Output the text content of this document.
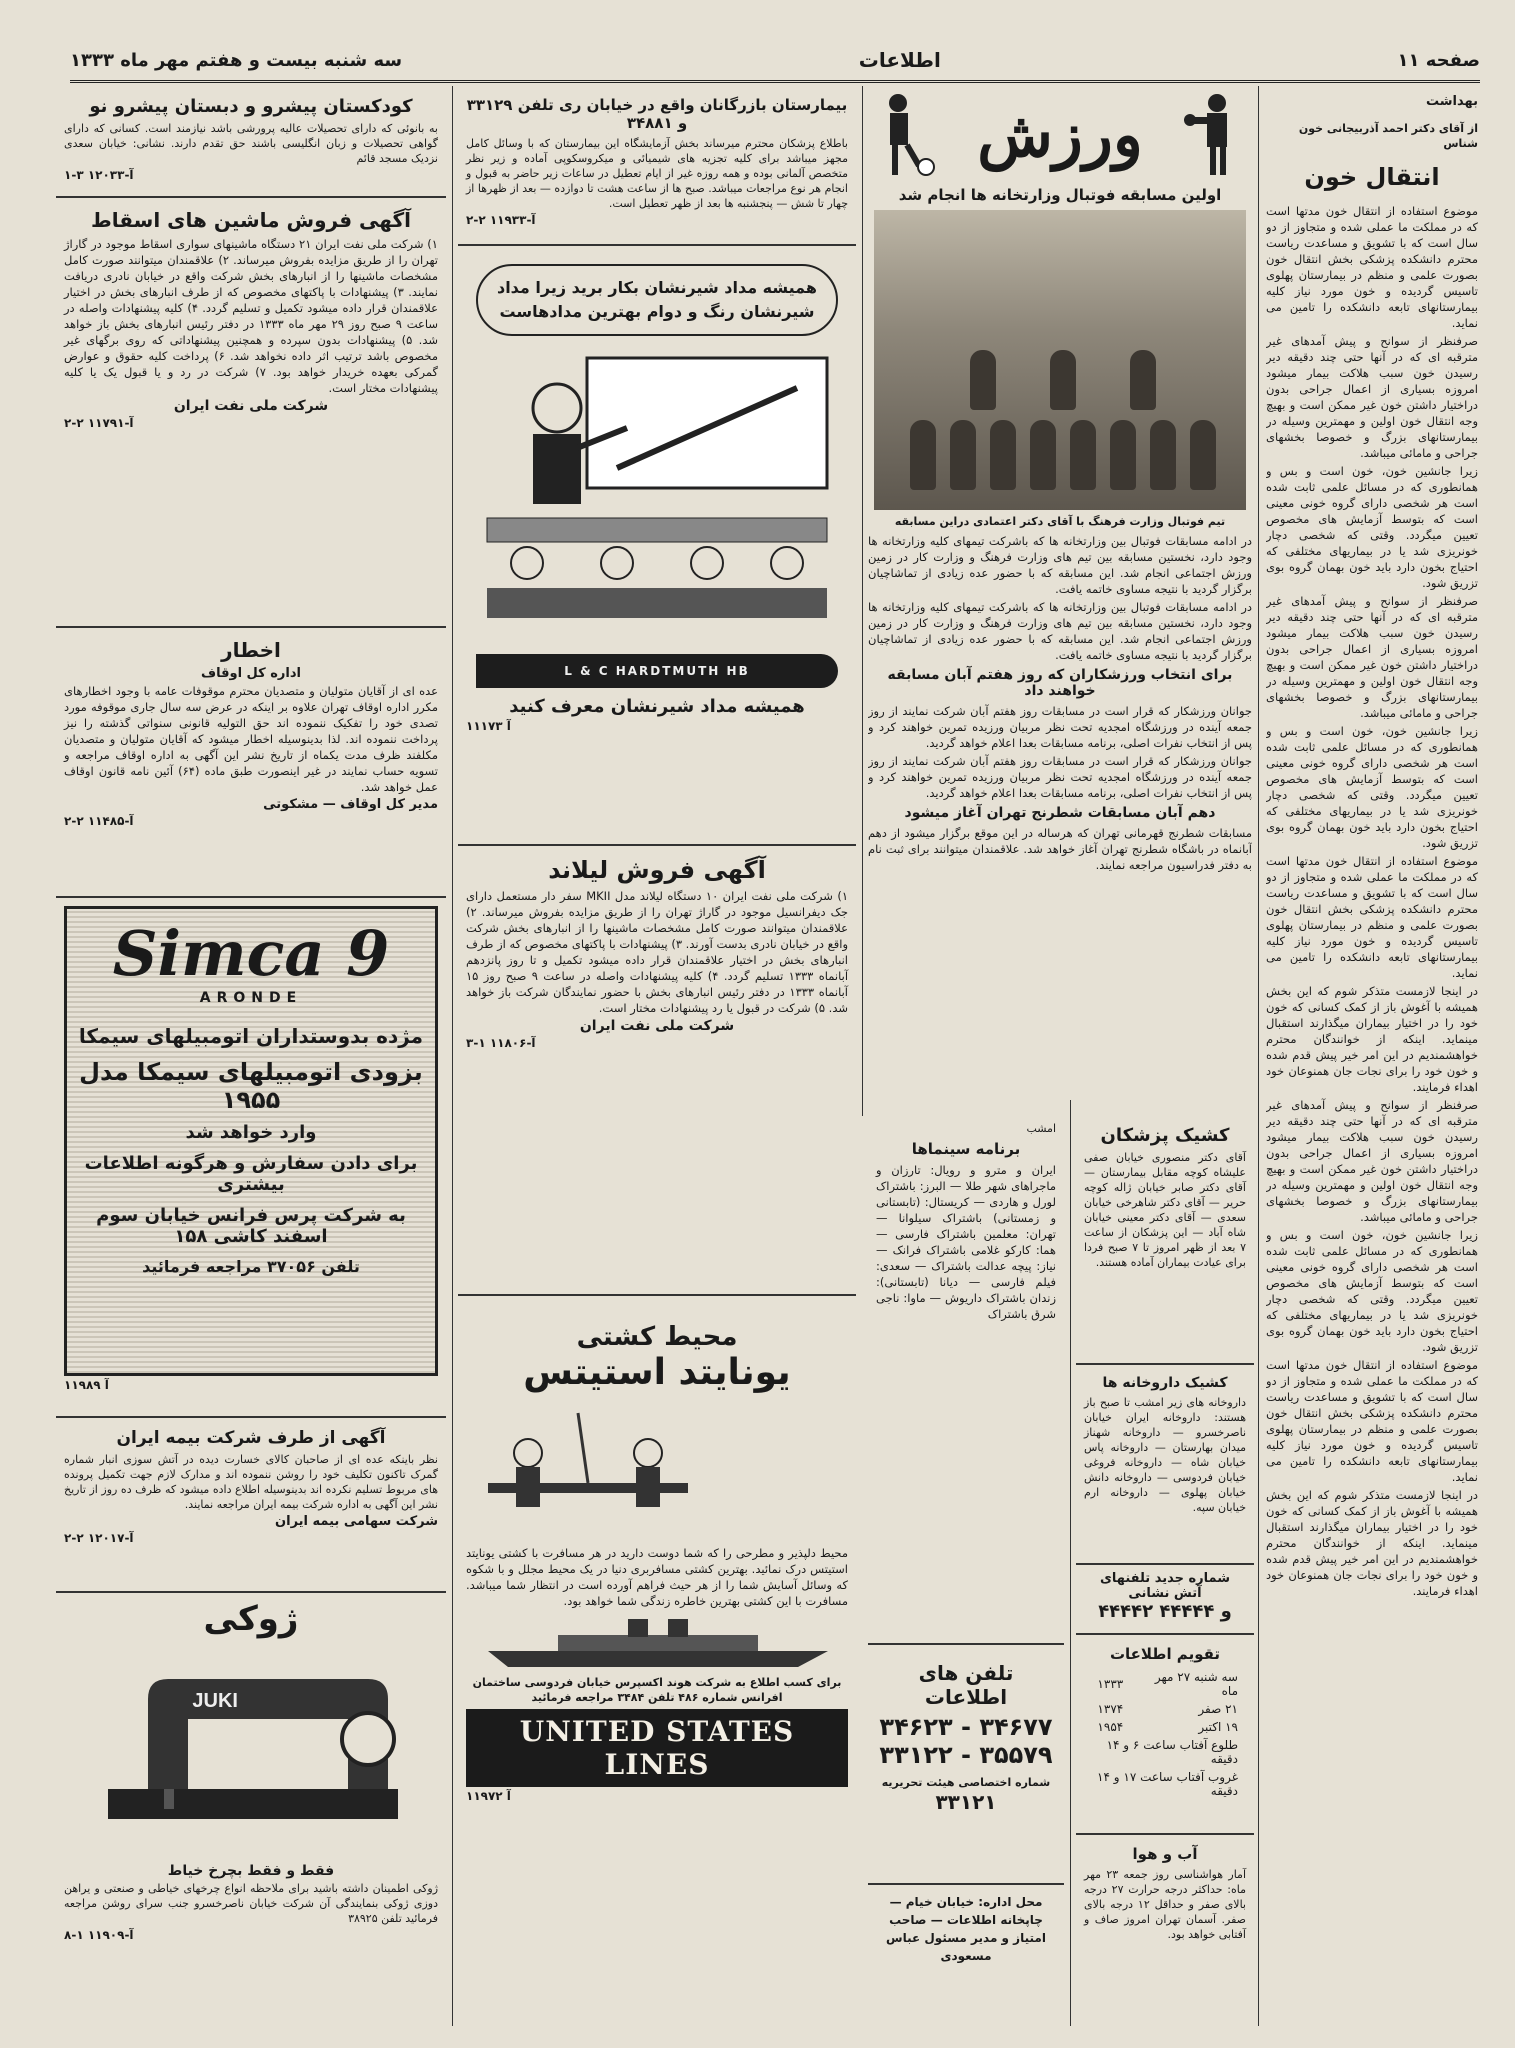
صفحه ۱۱
اطلاعات
سه شنبه بیست و هفتم مهر ماه ۱۳۳۳
بهداشت
از آقای دکتر احمد آذربیجانی خون شناس
انتقال خون

موضوع استفاده از انتقال خون مدتها است که در مملکت ما عملی شده و متجاوز از دو سال است که با تشویق و مساعدت ریاست محترم دانشکده پزشکی بخش انتقال خون بصورت علمی و منظم در بیمارستان پهلوی تاسیس گردیده و خون مورد نیاز کلیه بیمارستانهای تابعه دانشکده را تامین می نماید.

صرفنظر از سوانح و پیش آمدهای غیر مترقبه ای که در آنها حتی چند دقیقه دیر رسیدن خون سبب هلاکت بیمار میشود امروزه بسیاری از اعمال جراحی بدون دراختیار داشتن خون غیر ممکن است و بهیچ وجه انتقال خون اولین و مهمترین وسیله در بیمارستانهای بزرگ و خصوصا بخشهای جراحی و مامائی میباشد.

زیرا جانشین خون، خون است و بس و همانطوری که در مسائل علمی ثابت شده است هر شخصی دارای گروه خونی معینی است که بتوسط آزمایش های مخصوص تعیین میگردد. وقتی که شخصی دچار خونریزی شد یا در بیماریهای مختلفی که احتیاج بخون دارد باید خون بهمان گروه بوی تزریق شود.

صرفنظر از سوانح و پیش آمدهای غیر مترقبه ای که در آنها حتی چند دقیقه دیر رسیدن خون سبب هلاکت بیمار میشود امروزه بسیاری از اعمال جراحی بدون دراختیار داشتن خون غیر ممکن است و بهیچ وجه انتقال خون اولین و مهمترین وسیله در بیمارستانهای بزرگ و خصوصا بخشهای جراحی و مامائی میباشد.

زیرا جانشین خون، خون است و بس و همانطوری که در مسائل علمی ثابت شده است هر شخصی دارای گروه خونی معینی است که بتوسط آزمایش های مخصوص تعیین میگردد. وقتی که شخصی دچار خونریزی شد یا در بیماریهای مختلفی که احتیاج بخون دارد باید خون بهمان گروه بوی تزریق شود.

موضوع استفاده از انتقال خون مدتها است که در مملکت ما عملی شده و متجاوز از دو سال است که با تشویق و مساعدت ریاست محترم دانشکده پزشکی بخش انتقال خون بصورت علمی و منظم در بیمارستان پهلوی تاسیس گردیده و خون مورد نیاز کلیه بیمارستانهای تابعه دانشکده را تامین می نماید.

در اینجا لازمست متذکر شوم که این بخش همیشه با آغوش باز از کمک کسانی که خون خود را در اختیار بیماران میگذارند استقبال مینماید. اینکه از خوانندگان محترم خواهشمندیم در این امر خیر پیش قدم شده و خون خود را برای نجات جان همنوعان خود اهداء فرمایند.

صرفنظر از سوانح و پیش آمدهای غیر مترقبه ای که در آنها حتی چند دقیقه دیر رسیدن خون سبب هلاکت بیمار میشود امروزه بسیاری از اعمال جراحی بدون دراختیار داشتن خون غیر ممکن است و بهیچ وجه انتقال خون اولین و مهمترین وسیله در بیمارستانهای بزرگ و خصوصا بخشهای جراحی و مامائی میباشد.

زیرا جانشین خون، خون است و بس و همانطوری که در مسائل علمی ثابت شده است هر شخصی دارای گروه خونی معینی است که بتوسط آزمایش های مخصوص تعیین میگردد. وقتی که شخصی دچار خونریزی شد یا در بیماریهای مختلفی که احتیاج بخون دارد باید خون بهمان گروه بوی تزریق شود.

موضوع استفاده از انتقال خون مدتها است که در مملکت ما عملی شده و متجاوز از دو سال است که با تشویق و مساعدت ریاست محترم دانشکده پزشکی بخش انتقال خون بصورت علمی و منظم در بیمارستان پهلوی تاسیس گردیده و خون مورد نیاز کلیه بیمارستانهای تابعه دانشکده را تامین می نماید.

در اینجا لازمست متذکر شوم که این بخش همیشه با آغوش باز از کمک کسانی که خون خود را در اختیار بیماران میگذارند استقبال مینماید. اینکه از خوانندگان محترم خواهشمندیم در این امر خیر پیش قدم شده و خون خود را برای نجات جان همنوعان خود اهداء فرمایند.

ورزش
اولین مسابقه فوتبال وزارتخانه ها انجام شد
تیم فوتبال وزارت فرهنگ با آقای دکتر اعتمادی دراین مسابقه

در ادامه مسابقات فوتبال بین وزارتخانه ها که باشرکت تیمهای کلیه وزارتخانه ها وجود دارد، نخستین مسابقه بین تیم های وزارت فرهنگ و وزارت کار در زمین ورزش اجتماعی انجام شد. این مسابقه که با حضور عده زیادی از تماشاچیان برگزار گردید با نتیجه مساوی خاتمه یافت.

در ادامه مسابقات فوتبال بین وزارتخانه ها که باشرکت تیمهای کلیه وزارتخانه ها وجود دارد، نخستین مسابقه بین تیم های وزارت فرهنگ و وزارت کار در زمین ورزش اجتماعی انجام شد. این مسابقه که با حضور عده زیادی از تماشاچیان برگزار گردید با نتیجه مساوی خاتمه یافت.

برای انتخاب ورزشکاران که روز هفتم آبان مسابقه خواهند داد

جوانان ورزشکار که قرار است در مسابقات روز هفتم آبان شرکت نمایند از روز جمعه آینده در ورزشگاه امجدیه تحت نظر مربیان ورزیده تمرین خواهند کرد و پس از انتخاب نفرات اصلی، برنامه مسابقات بعدا اعلام خواهد گردید.

جوانان ورزشکار که قرار است در مسابقات روز هفتم آبان شرکت نمایند از روز جمعه آینده در ورزشگاه امجدیه تحت نظر مربیان ورزیده تمرین خواهند کرد و پس از انتخاب نفرات اصلی، برنامه مسابقات بعدا اعلام خواهد گردید.

دهم آبان مسابقات شطرنج تهران آغاز میشود

مسابقات شطرنج قهرمانی تهران که هرساله در این موقع برگزار میشود از دهم آبانماه در باشگاه شطرنج تهران آغاز خواهد شد. علاقمندان میتوانند برای ثبت نام به دفتر فدراسیون مراجعه نمایند.

کشیک پزشکان

آقای دکتر منصوری خیابان صفی علیشاه کوچه مقابل بیمارستان — آقای دکتر صابر خیابان ژاله کوچه حریر — آقای دکتر شاهرخی خیابان سعدی — آقای دکتر معینی خیابان شاه آباد — این پزشکان از ساعت ۷ بعد از ظهر امروز تا ۷ صبح فردا برای عیادت بیماران آماده هستند.

کشیک داروخانه ها

داروخانه های زیر امشب تا صبح باز هستند: داروخانه ایران خیابان ناصرخسرو — داروخانه شهناز میدان بهارستان — داروخانه پاس خیابان شاه — داروخانه فروغی خیابان فردوسی — داروخانه دانش خیابان پهلوی — داروخانه ارم خیابان سپه.

شماره جدید تلفنهای آتش نشانی
۴۴۴۴۲ و ۴۴۴۴۴
تقویم اطلاعات
سه شنبه ۲۷ مهر ماه	۱۳۳۳
۲۱ صفر	۱۳۷۴
۱۹ اکتبر	۱۹۵۴
طلوع آفتاب ساعت ۶ و ۱۴ دقیقه	
غروب آفتاب ساعت ۱۷ و ۱۴ دقیقه	
آب و هوا

آمار هواشناسی روز جمعه ۲۳ مهر ماه: حداکثر درجه حرارت ۲۷ درجه بالای صفر و حداقل ۱۲ درجه بالای صفر. آسمان تهران امروز صاف و آفتابی خواهد بود.

امشب
برنامه سینماها

ایران و مترو و رویال: تارزان و ماجراهای شهر طلا — البرز: باشتراک لورل و هاردی — کریستال: (تابستانی و زمستانی) باشتراک سیلوانا — تهران: معلمین باشتراک فارسی — هما: کارکو غلامی باشتراک فرانک — نیاز: پیچه عدالت باشتراک — سعدی: فیلم فارسی — دیانا (تابستانی): زندان باشتراک داریوش — ماوا: ناجی شرق باشتراک

تلفن های اطلاعات
۳۴۶۲۳ - ۳۴۶۷۷
۳۳۱۲۲ - ۳۵۵۷۹
شماره اختصاصی هیئت تحریریه
۳۳۱۲۱
محل اداره: خیابان خیام — چاپخانه اطلاعات — صاحب امتیاز و مدیر مسئول عباس مسعودی
بیمارستان بازرگانان واقع در خیابان ری تلفن ۳۳۱۲۹ و ۳۴۸۸۱

باطلاع پزشکان محترم میرساند بخش آزمایشگاه این بیمارستان که با وسائل کامل مجهز میباشد برای کلیه تجزیه های شیمیائی و میکروسکوپی آماده و زیر نظر متخصص آلمانی بوده و همه روزه غیر از ایام تعطیل در ساعات زیر حاضر به قبول و انجام هر نوع مراجعات میباشد. صبح ها از ساعت هشت تا دوازده — بعد از ظهرها از چهار تا شش — پنجشنبه ها بعد از ظهر تعطیل است.

آ-۱۱۹۳۳ ۲-۲
همیشه مداد شیرنشان بکار برید زیرا مداد شیرنشان رنگ و دوام بهترین مدادهاست
L & C HARDTMUTH HB
همیشه مداد شیرنشان معرف کنید
آ ۱۱۱۷۳
آگهی فروش لیلاند

۱) شرکت ملی نفت ایران ۱۰ دستگاه لیلاند مدل MKII سفر دار مستعمل دارای جک دیفرانسیل موجود در گاراژ تهران را از طریق مزایده بفروش میرساند. ۲) علاقمندان میتوانند صورت کامل مشخصات ماشینها را از انبارهای بخش شرکت واقع در خیابان نادری بدست آورند. ۳) پیشنهادات با پاکتهای مخصوص که از طرف انبارهای بخش در اختیار علاقمندان قرار داده میشود تکمیل و تا روز پانزدهم آبانماه ۱۳۳۳ تسلیم گردد. ۴) کلیه پیشنهادات واصله در ساعت ۹ صبح روز ۱۵ آبانماه ۱۳۳۳ در دفتر رئیس انبارهای بخش با حضور نمایندگان شرکت باز خواهد شد. ۵) شرکت در قبول یا رد پیشنهادات مختار است.

شرکت ملی نفت ایران
آ-۱۱۸۰۶ ۱-۳
محیط کشتی
یونایتد استیتس

محیط دلپذیر و مطرحی را که شما دوست دارید در هر مسافرت با کشتی یونایتد استیتس درک نمائید. بهترین کشتی مسافربری دنیا در یک محیط مجلل و با شکوه که وسائل آسایش شما را از هر حیث فراهم آورده است در انتظار شما میباشد. مسافرت با این کشتی بهترین خاطره زندگی شما خواهد بود.

برای کسب اطلاع به شرکت هوند اکسپرس خیابان فردوسی ساختمان افرانس شماره ۴۸۶ تلفن ۳۴۸۴ مراجعه فرمائید
UNITED STATES LINES
آ ۱۱۹۷۲
کودکستان پیشرو و دبستان پیشرو نو

به بانوئی که دارای تحصیلات عالیه پرورشی باشد نیازمند است. کسانی که دارای گواهی تحصیلات و زبان انگلیسی باشند حق تقدم دارند. نشانی: خیابان سعدی نزدیک مسجد قائم

آ-۱۲۰۳۳ ۳-۱
آگهی فروش ماشین های اسقاط

۱) شرکت ملی نفت ایران ۲۱ دستگاه ماشینهای سواری اسقاط موجود در گاراژ تهران را از طریق مزایده بفروش میرساند. ۲) علاقمندان میتوانند صورت کامل مشخصات ماشینها را از انبارهای بخش شرکت واقع در خیابان نادری دریافت نمایند. ۳) پیشنهادات با پاکتهای مخصوص که از طرف انبارهای بخش در اختیار علاقمندان قرار داده میشود تکمیل و تسلیم گردد. ۴) کلیه پیشنهادات واصله در ساعت ۹ صبح روز ۲۹ مهر ماه ۱۳۳۳ در دفتر رئیس انبارهای بخش باز خواهد شد. ۵) پیشنهادات بدون سپرده و همچنین پیشنهاداتی که روی برگهای غیر مخصوص باشد ترتیب اثر داده نخواهد شد. ۶) پرداخت کلیه حقوق و عوارض گمرکی بعهده خریدار خواهد بود. ۷) شرکت در رد و یا قبول یک یا کلیه پیشنهادات مختار است.

شرکت ملی نفت ایران
آ-۱۱۷۹۱ ۲-۲
اخطار
اداره کل اوقاف

عده ای از آقایان متولیان و متصدیان محترم موقوفات عامه با وجود اخطارهای مکرر اداره اوقاف تهران علاوه بر اینکه در عرض سه سال جاری موقوفه مورد تصدی خود را تفکیک ننموده اند حق التولیه قانونی سنواتی گذشته را نیز پرداخت ننموده اند. لذا بدینوسیله اخطار میشود که آقایان متولیان و متصدیان مکلفند ظرف مدت یکماه از تاریخ نشر این آگهی به اداره اوقاف مراجعه و تسویه حساب نمایند در غیر اینصورت طبق ماده (۶۴) آئین نامه قانون اوقاف عمل خواهد شد.

مدیر کل اوقاف — مشکوتی
آ-۱۱۴۸۵ ۲-۲
Simca 9
ARONDE
مژده بدوستداران اتومبیلهای سیمکا
بزودی اتومبیلهای سیمکا مدل ۱۹۵۵
وارد خواهد شد
برای دادن سفارش و هرگونه اطلاعات بیشتری
به شرکت پرس فرانس خیابان سوم اسفند کاشی ۱۵۸
تلفن ۳۷۰۵۶ مراجعه فرمائید
آ ۱۱۹۸۹
آگهی از طرف شرکت بیمه ایران

نظر باینکه عده ای از صاحبان کالای خسارت دیده در آتش سوزی انبار شماره گمرک تاکنون تکلیف خود را روشن ننموده اند و مدارک لازم جهت تکمیل پرونده های مربوط تسلیم نکرده اند بدینوسیله اطلاع داده میشود که ظرف ده روز از تاریخ نشر این آگهی به اداره شرکت بیمه ایران مراجعه نمایند.

شرکت سهامی بیمه ایران
آ-۱۲۰۱۷ ۲-۲
ژوکی
JUKI
فقط و فقط بچرخ خیاط

ژوکی اطمینان داشته باشید برای ملاحظه انواع چرخهای خیاطی و صنعتی و یراهن دوزی ژوکی بنمایندگی آن شرکت خیابان ناصرخسرو جنب سرای روشن مراجعه فرمائید تلفن ۳۸۹۲۵

آ-۱۱۹۰۹ ۱-۸
